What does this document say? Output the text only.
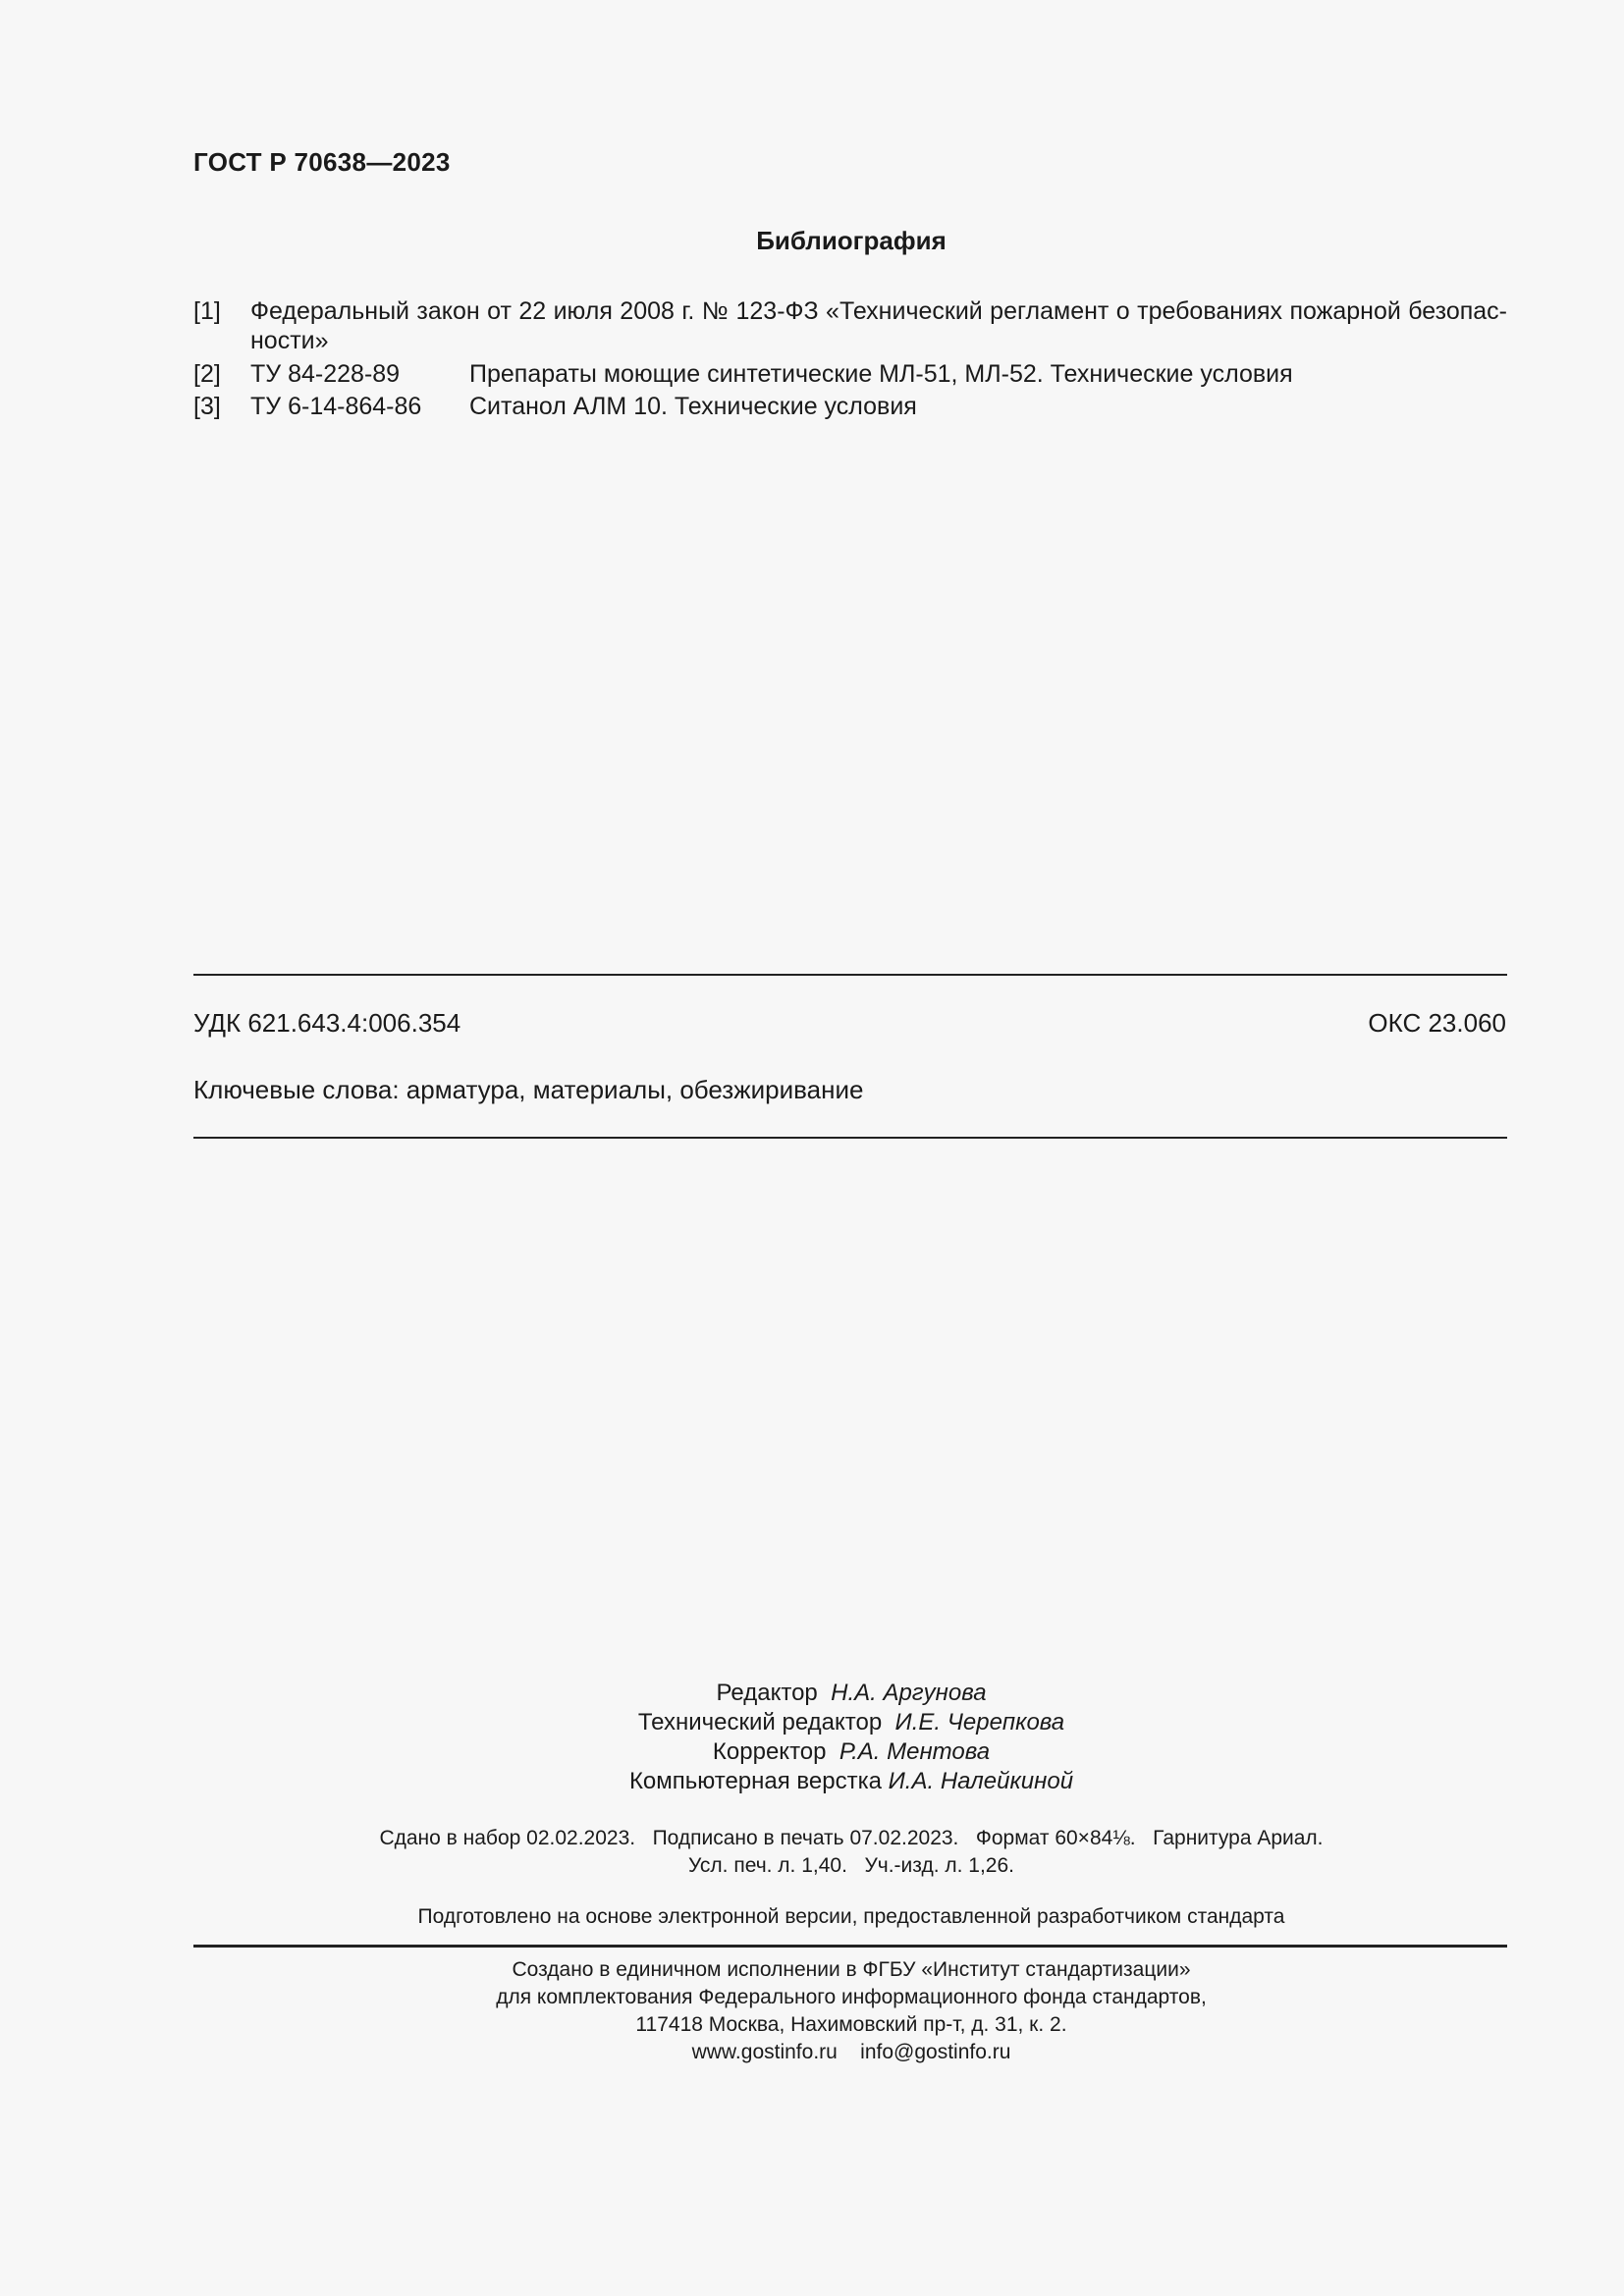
ГОСТ Р 70638—2023
Библиография
[1] Федеральный закон от 22 июля 2008 г. № 123-ФЗ «Технический регламент о требованиях пожарной безопас-ности»
[2] ТУ 84-228-89	Препараты моющие синтетические МЛ-51, МЛ-52. Технические условия
[3] ТУ 6-14-864-86 Ситанол АЛМ 10. Технические условия
УДК 621.643.4:006.354	ОКС 23.060
Ключевые слова: арматура, материалы, обезжиривание
Редактор Н.А. Аргунова
Технический редактор И.Е. Черепкова
Корректор Р.А. Ментова
Компьютерная верстка И.А. Налейкиной
Сдано в набор 02.02.2023.   Подписано в печать 07.02.2023.   Формат 60×84⅛.   Гарнитура Ариал.
Усл. печ. л. 1,40.   Уч.-изд. л. 1,26.
Подготовлено на основе электронной версии, предоставленной разработчиком стандарта
Создано в единичном исполнении в ФГБУ «Институт стандартизации»
для комплектования Федерального информационного фонда стандартов,
117418 Москва, Нахимовский пр-т, д. 31, к. 2.
www.gostinfo.ru    info@gostinfo.ru
